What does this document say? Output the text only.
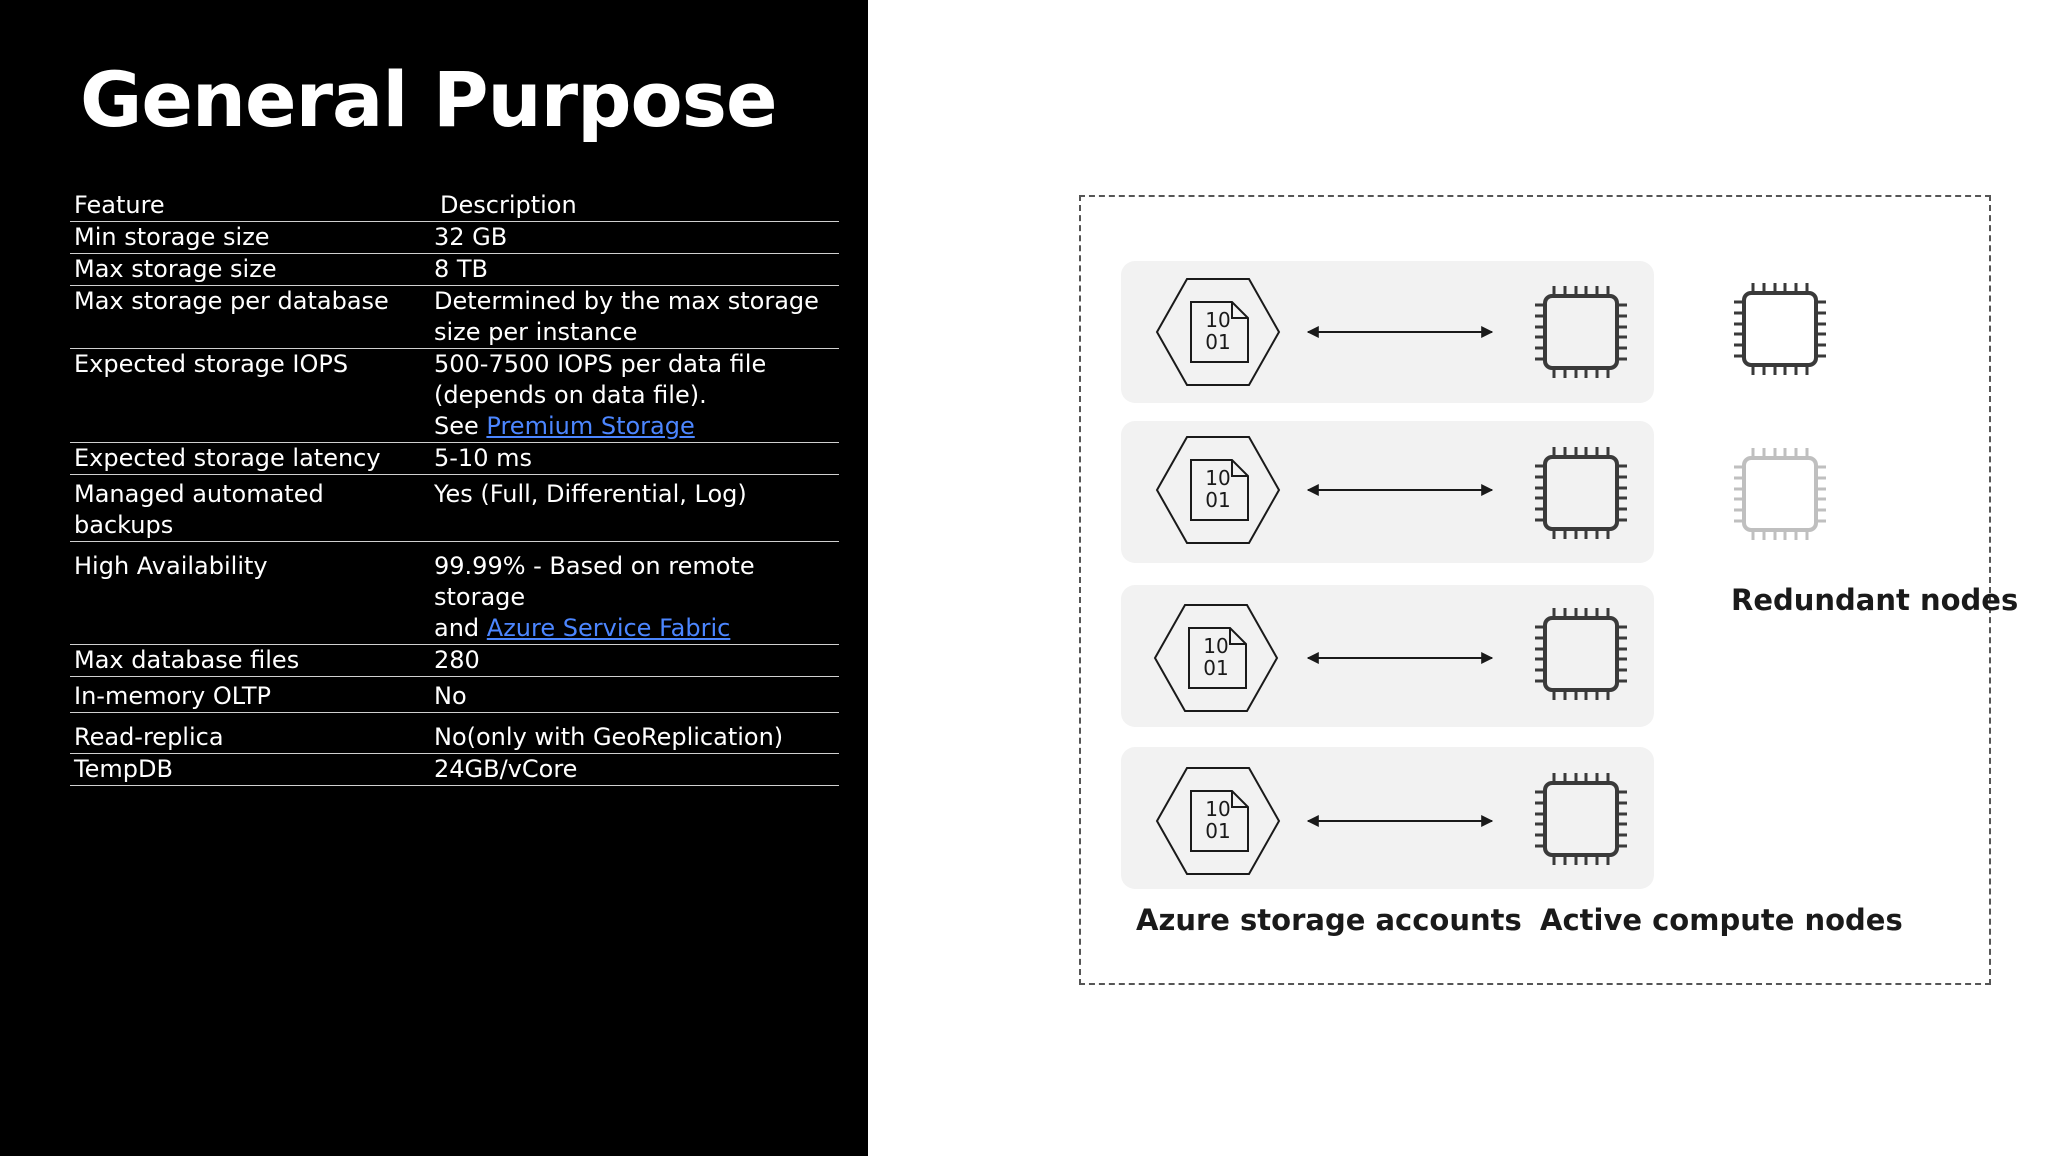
General Purpose
Feature	Description
Min storage size	32 GB
Max storage size	8 TB
Max storage per database	Determined by the max storage
size per instance
Expected storage IOPS	500-7500 IOPS per data file
(depends on data file).
See Premium Storage
Expected storage latency	5-10 ms

Managed automated backups	Yes (Full, Differential, Log)
High Availability	99.99% - Based on remote storage
and Azure Service Fabric
Max database files	280

In-memory OLTP	No
Read-replica	No(only with GeoReplication)

TempDB	24GB/vCore
10
01
10
01
10
01
10
01
Azure storage accounts Active compute nodes
Redundant nodes
